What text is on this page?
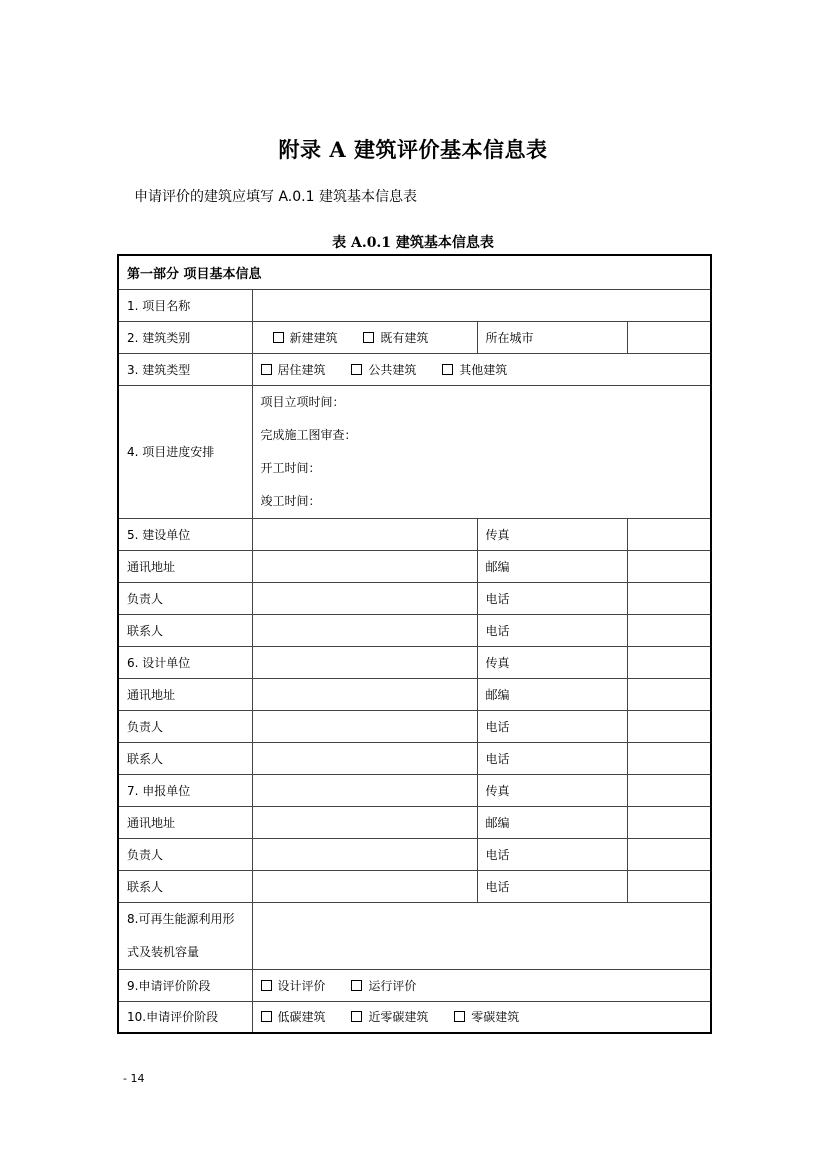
附录 A 建筑评价基本信息表
申请评价的建筑应填写 A.0.1 建筑基本信息表
表 A.0.1 建筑基本信息表
第一部分 项目基本信息			
1. 项目名称			
2. 建筑类别	新建建筑 既有建筑	所在城市	
3. 建筑类型	居住建筑 公共建筑 其他建筑		
4. 项目进度安排	项目立项时间：
完成施工图审查：
开工时间：
竣工时间：		

5. 建设单位		传真	
通讯地址		邮编	
负责人		电话	
联系人		电话	
6. 设计单位		传真	
通讯地址		邮编	
负责人		电话	
联系人		电话	
7. 申报单位		传真	
通讯地址		邮编	
负责人		电话	
联系人		电话	

8.可再生能源利用形
式及装机容量			

9.申请评价阶段	设计评价 运行评价		
10.申请评价阶段	低碳建筑 近零碳建筑 零碳建筑		
- 14
